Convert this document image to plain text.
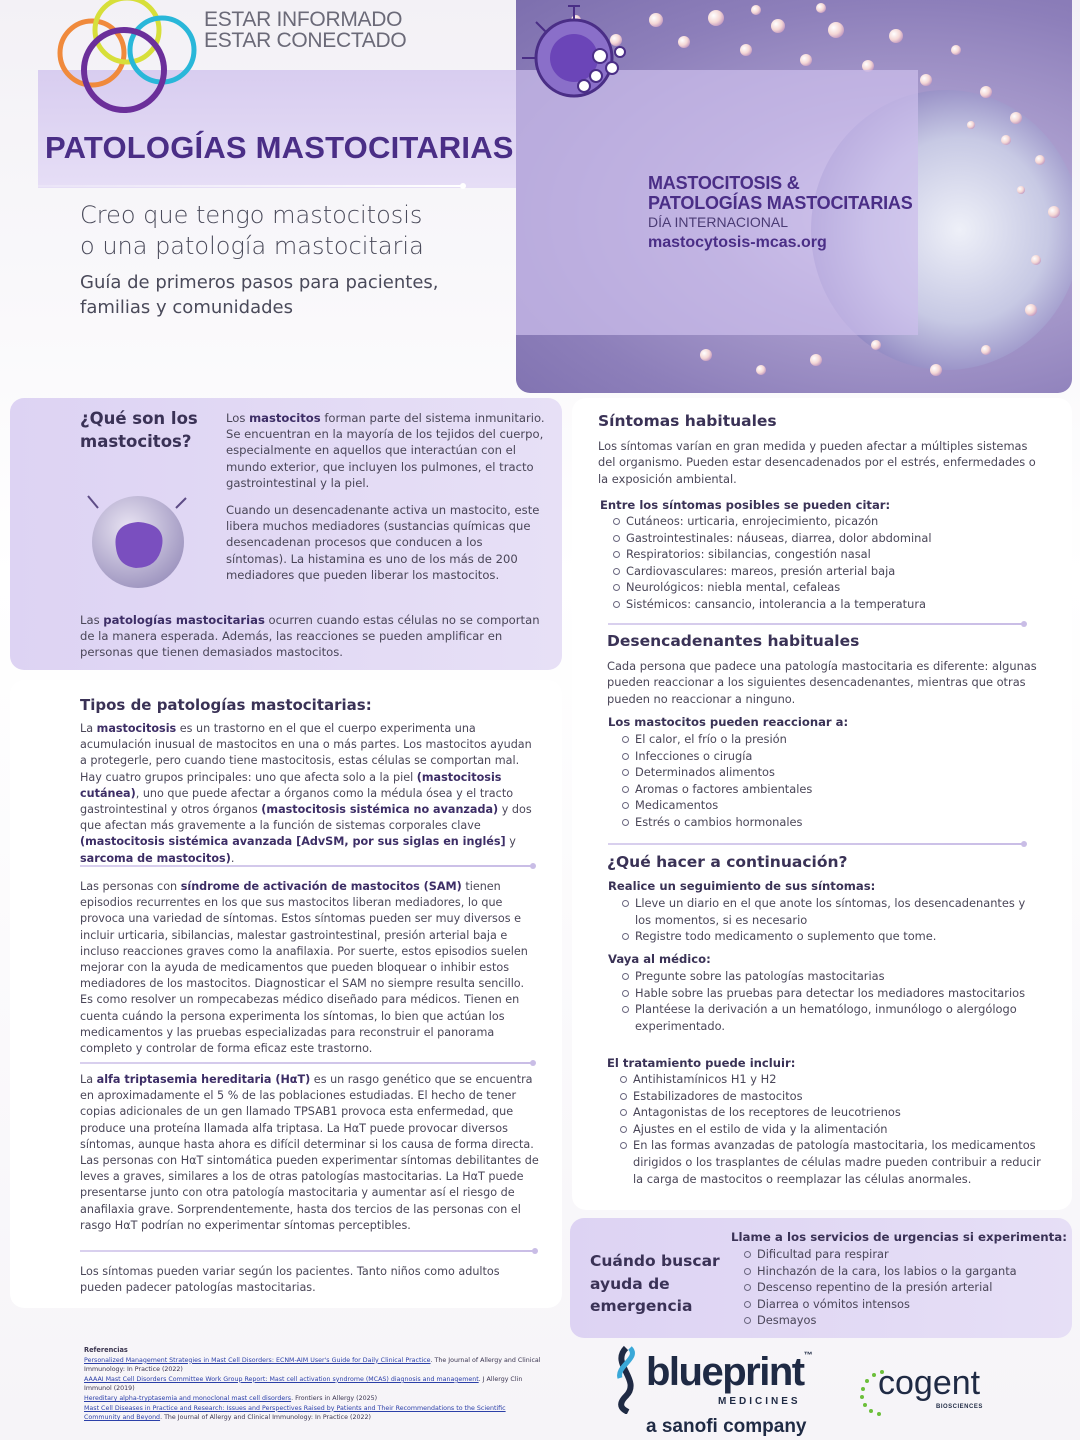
ESTAR INFORMADO
ESTAR CONECTADO
PATOLOGÍAS MASTOCITARIAS
Creo que tengo mastocitosis
o una patología mastocitaria
Guía de primeros pasos para pacientes,
familias y comunidades
MASTOCITOSIS &
PATOLOGÍAS MASTOCITARIAS
DÍA INTERNACIONAL
mastocytosis-mcas.org
¿Qué son los mastocitos?
Los mastocitos forman parte del sistema inmunitario. Se encuentran en la mayoría de los tejidos del cuerpo, especialmente en aquellos que interactúan con el mundo exterior, que incluyen los pulmones, el tracto gastrointestinal y la piel.
Cuando un desencadenante activa un mastocito, este libera muchos mediadores (sustancias químicas que desencadenan procesos que conducen a los síntomas). La histamina es uno de los más de 200 mediadores que pueden liberar los mastocitos.
Las patologías mastocitarias ocurren cuando estas células no se comportan de la manera esperada. Además, las reacciones se pueden amplificar en personas que tienen demasiados mastocitos.
Tipos de patologías mastocitarias:
La mastocitosis es un trastorno en el que el cuerpo experimenta una acumulación inusual de mastocitos en una o más partes. Los mastocitos ayudan a protegerle, pero cuando tiene mastocitosis, estas células se comportan mal. Hay cuatro grupos principales: uno que afecta solo a la piel (mastocitosis cutánea), uno que puede afectar a órganos como la médula ósea y el tracto gastrointestinal y otros órganos (mastocitosis sistémica no avanzada) y dos que afectan más gravemente a la función de sistemas corporales clave (mastocitosis sistémica avanzada [AdvSM, por sus siglas en inglés] y sarcoma de mastocitos).
Las personas con síndrome de activación de mastocitos (SAM) tienen episodios recurrentes en los que sus mastocitos liberan mediadores, lo que provoca una variedad de síntomas. Estos síntomas pueden ser muy diversos e incluir urticaria, sibilancias, malestar gastrointestinal, presión arterial baja e incluso reacciones graves como la anafilaxia. Por suerte, estos episodios suelen mejorar con la ayuda de medicamentos que pueden bloquear o inhibir estos mediadores de los mastocitos. Diagnosticar el SAM no siempre resulta sencillo. Es como resolver un rompecabezas médico diseñado para médicos. Tienen en cuenta cuándo la persona experimenta los síntomas, lo bien que actúan los medicamentos y las pruebas especializadas para reconstruir el panorama completo y controlar de forma eficaz este trastorno.
La alfa triptasemia hereditaria (HαT) es un rasgo genético que se encuentra en aproximadamente el 5 % de las poblaciones estudiadas. El hecho de tener copias adicionales de un gen llamado TPSAB1 provoca esta enfermedad, que produce una proteína llamada alfa triptasa. La HαT puede provocar diversos síntomas, aunque hasta ahora es difícil determinar si los causa de forma directa. Las personas con HαT sintomática pueden experimentar síntomas debilitantes de leves a graves, similares a los de otras patologías mastocitarias. La HαT puede presentarse junto con otra patología mastocitaria y aumentar así el riesgo de anafilaxia grave. Sorprendentemente, hasta dos tercios de las personas con el rasgo HαT podrían no experimentar síntomas perceptibles.
Los síntomas pueden variar según los pacientes. Tanto niños como adultos pueden padecer patologías mastocitarias.
Síntomas habituales
Los síntomas varían en gran medida y pueden afectar a múltiples sistemas del organismo. Pueden estar desencadenados por el estrés, enfermedades o la exposición ambiental.
Entre los síntomas posibles se pueden citar:
Cutáneos: urticaria, enrojecimiento, picazón
Gastrointestinales: náuseas, diarrea, dolor abdominal
Respiratorios: sibilancias, congestión nasal
Cardiovasculares: mareos, presión arterial baja
Neurológicos: niebla mental, cefaleas
Sistémicos: cansancio, intolerancia a la temperatura
Desencadenantes habituales
Cada persona que padece una patología mastocitaria es diferente: algunas pueden reaccionar a los siguientes desencadenantes, mientras que otras pueden no reaccionar a ninguno.
Los mastocitos pueden reaccionar a:
El calor, el frío o la presión
Infecciones o cirugía
Determinados alimentos
Aromas o factores ambientales
Medicamentos
Estrés o cambios hormonales
¿Qué hacer a continuación?
Realice un seguimiento de sus síntomas:
Lleve un diario en el que anote los síntomas, los desencadenantes y los momentos, si es necesario
Registre todo medicamento o suplemento que tome.
Vaya al médico:
Pregunte sobre las patologías mastocitarias
Hable sobre las pruebas para detectar los mediadores mastocitarios
Plantéese la derivación a un hematólogo, inmunólogo o alergólogo experimentado.
El tratamiento puede incluir:
Antihistamínicos H1 y H2
Estabilizadores de mastocitos
Antagonistas de los receptores de leucotrienos
Ajustes en el estilo de vida y la alimentación
En las formas avanzadas de patología mastocitaria, los medicamentos dirigidos o los trasplantes de células madre pueden contribuir a reducir la carga de mastocitos o reemplazar las células anormales.
Cuándo buscar ayuda de emergencia
Llame a los servicios de urgencias si experimenta:
Dificultad para respirar
Hinchazón de la cara, los labios o la garganta
Descenso repentino de la presión arterial
Diarrea o vómitos intensos
Desmayos
Referencias
Personalized Management Strategies in Mast Cell Disorders: ECNM-AIM User's Guide for Daily Clinical Practice. The Journal of Allergy and Clinical Immunology: In Practice (2022)
AAAAI Mast Cell Disorders Committee Work Group Report: Mast cell activation syndrome (MCAS) diagnosis and management. J Allergy Clin Immunol (2019)
Hereditary alpha-tryptasemia and monoclonal mast cell disorders. Frontiers in Allergy (2025)
Mast Cell Diseases in Practice and Research: Issues and Perspectives Raised by Patients and Their Recommendations to the Scientific Community and Beyond. The Journal of Allergy and Clinical Immunology: In Practice (2022)
blueprint™
MEDICINES
a sanofi company
cogent
BIOSCIENCES
